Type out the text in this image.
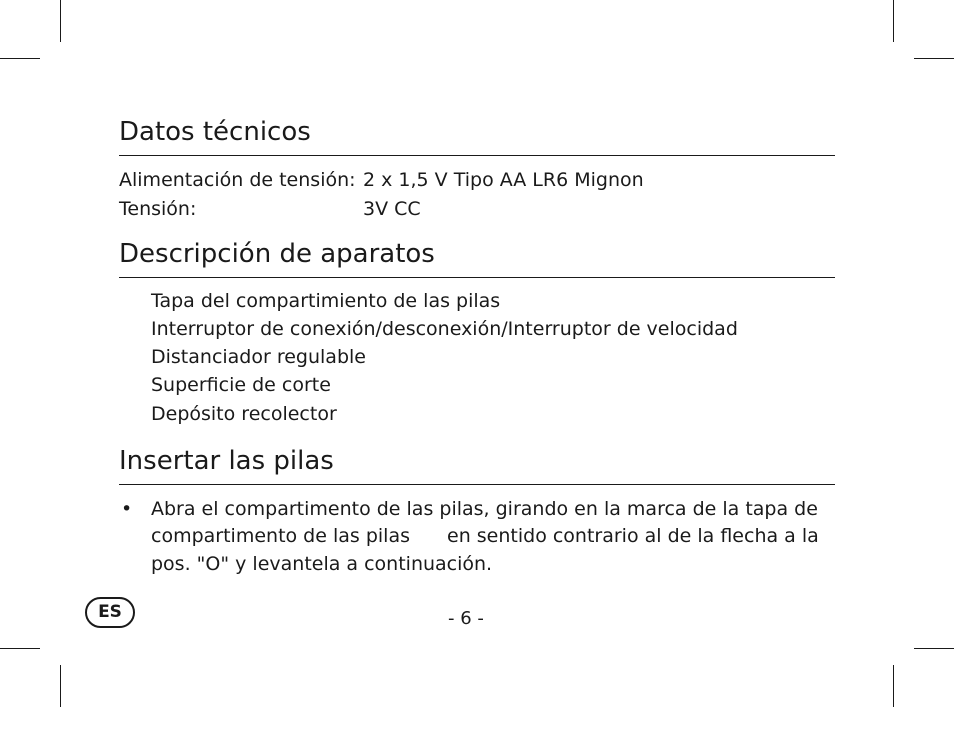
Datos técnicos
Alimentación de tensión: 2 x 1,5 V Tipo AA LR6 Mignon
Tensión:	3V CC
Descripción de aparatos
Tapa del compartimiento de las pilas
Interruptor de conexión/desconexión/Interruptor de velocidad
Distanciador regulable
Superficie de corte
Depósito recolector
Insertar las pilas
• Abra el compartimento de las pilas, girando en la marca de la tapa de
compartimento de las pilas en sentido contrario al de la flecha a la
pos. "O" y levantela a continuación.
ES	- 6 -
